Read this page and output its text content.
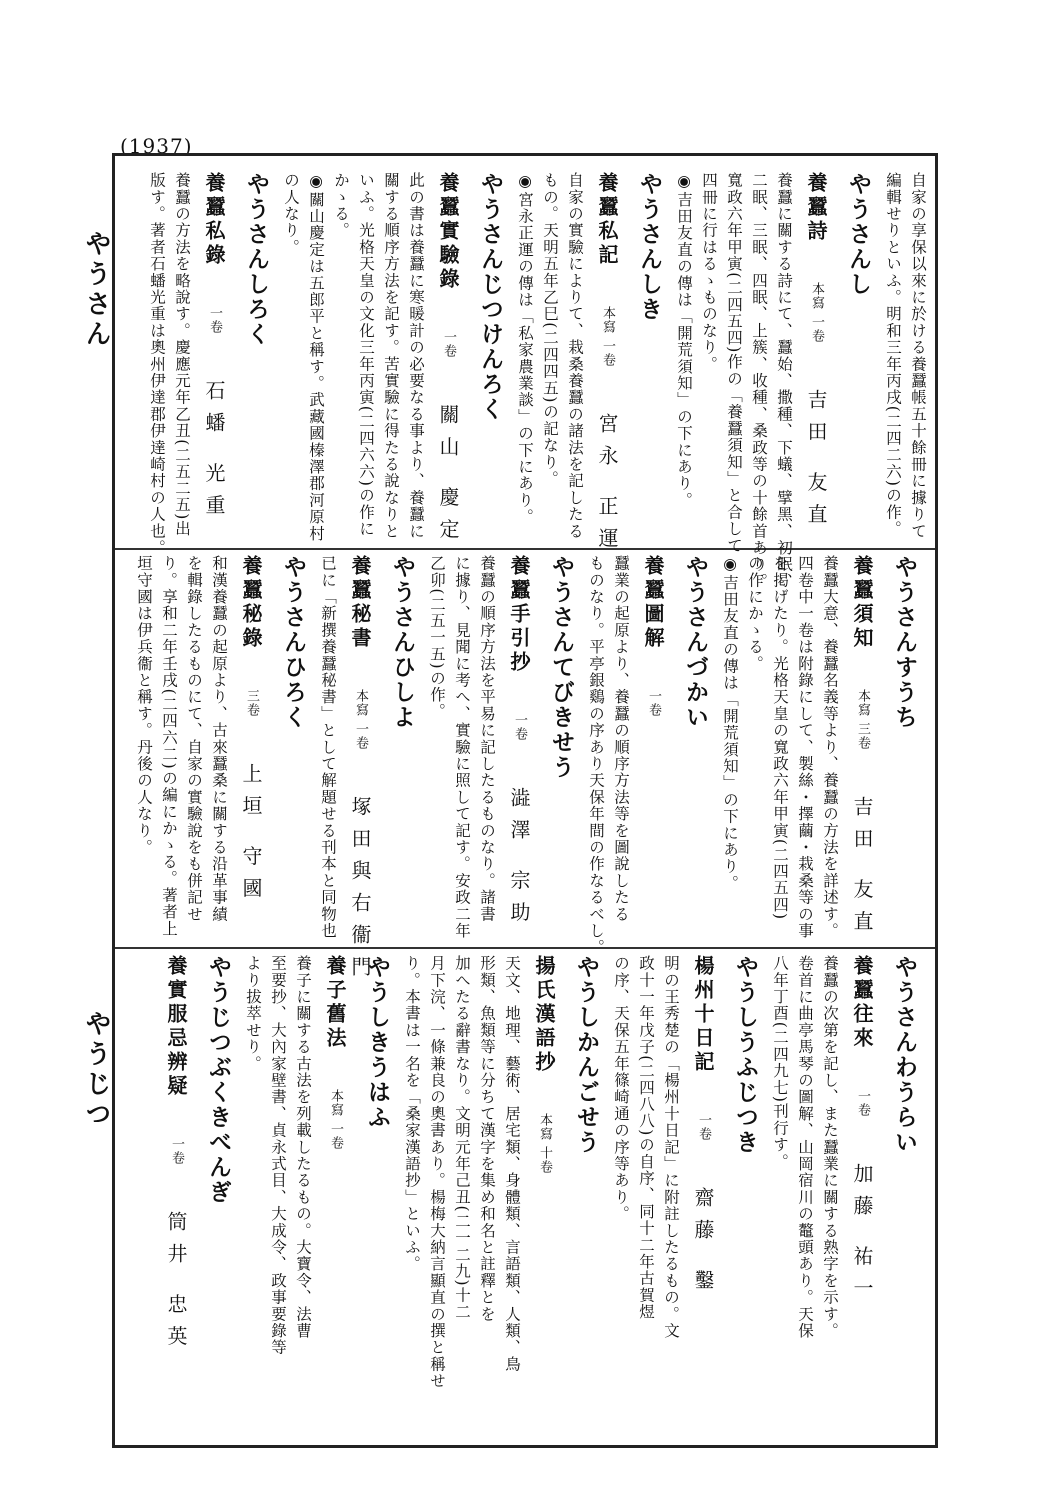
(1937)
やうさん
やうじつ
自家の享保以來に於ける養蠶帳五十餘冊に據りて
編輯せりといふ。明和三年丙戌(二四二六)の作。
やうさんし
養蠶詩
本寫 一卷
吉田 友直
養蠶に關する詩にて、蠶始、撒種、下蟻、擘黑、初眠、
二眠、三眠、四眠、上簇、收種、桑政等の十餘首あり。
寬政六年甲寅(二四五四)作の「養蠶須知」と合して
四冊に行はるゝものなり。
◉吉田友直の傳は「開荒須知」の下にあり。
やうさんしき
養蠶私記
本寫 一卷
宮永 正運
自家の實驗によりて、栽桑養蠶の諸法を記したる
もの。天明五年乙巳(二四四五)の記なり。
◉宮永正運の傳は「私家農業談」の下にあり。
やうさんじつけんろく
養蠶實驗錄
一卷
關山 慶定
此の書は養蠶に寒暖計の必要なる事より、養蠶に
關する順序方法を記す。苦實驗に得たる說なりと
いふ。光格天皇の文化三年丙寅(二四六六)の作に
かゝる。
◉關山慶定は五郎平と稱す。武藏國榛澤郡河原村
の人なり。
やうさんしろく
養蠶私錄
一卷
石蟠 光重
養蠶の方法を略說す。慶應元年乙丑(二五二五)出
版す。著者石蟠光重は奧州伊達郡伊達崎村の人也。
やうさんすうち
養蠶須知
本寫 三卷
吉田 友直
養蠶大意、養蠶名義等より、養蠶の方法を詳述す。
四卷中一卷は附錄にして、製絲・擇繭・栽桑等の事
を掲げたり。光格天皇の寬政六年甲寅(二四五四)
の作にかゝる。
◉吉田友直の傳は「開荒須知」の下にあり。
やうさんづかい
養蠶圖解
一卷
蠶業の起原より、養蠶の順序方法等を圖說したる
ものなり。平亭銀鷄の序あり天保年間の作なるべし。
やうさんてびきせう
養蠶手引抄
一卷
澁澤 宗助
養蠶の順序方法を平易に記したるものなり。諸書
に據り、見聞に考へ、實驗に照して記す。安政二年
乙卯(二五一五)の作。
やうさんひしよ
養蠶秘書
本寫 一卷
塚田與右衞門
已に「新撰養蠶秘書」として解題せる刊本と同物也
やうさんひろく
養蠶秘錄
三卷
上垣 守國
和漢養蠶の起原より、古來蠶桑に關する沿革事績
を輯錄したるものにて、自家の實驗說をも併記せ
り。享和二年壬戌(二四六二)の編にかゝる。著者上
垣守國は伊兵衞と稱す。丹後の人なり。
やうさんわうらい
養蠶往來
一卷
加藤 祐一
養蠶の次第を記し、また蠶業に關する熟字を示す。
卷首に曲亭馬琴の圖解、山岡宿川の鼇頭あり。天保
八年丁酉(二四九七)刊行す。
やうしうふじつき
楊州十日記
一卷
齋藤 鑿
明の王秀楚の「楊州十日記」に附註したるもの。文
政十一年戊子(二四八八)の自序、同十二年古賀煜
の序、天保五年篠崎通の序等あり。
やうしかんごせう
揚氏漢語抄
本寫 十卷
天文、地理、藝術、居宅類、身體類、言語類、人類、鳥
形類、魚類等に分ちて漢字を集め和名と註釋とを
加へたる辭書なり。文明元年己丑(二一二九)十二
月下浣、一條兼良の奧書あり。楊梅大納言顯直の撰と稱せ
り。本書は一名を「桑家漢語抄」といふ。
やうしきうはふ
養子舊法
本寫 一卷
養子に關する古法を列載したるもの。大寶令、法曹
至要抄、大內家壁書、貞永式目、大成令、政事要錄等
より拔萃せり。
やうじつぶくきべんぎ
養實服忌辨疑
一卷
筒井 忠英
